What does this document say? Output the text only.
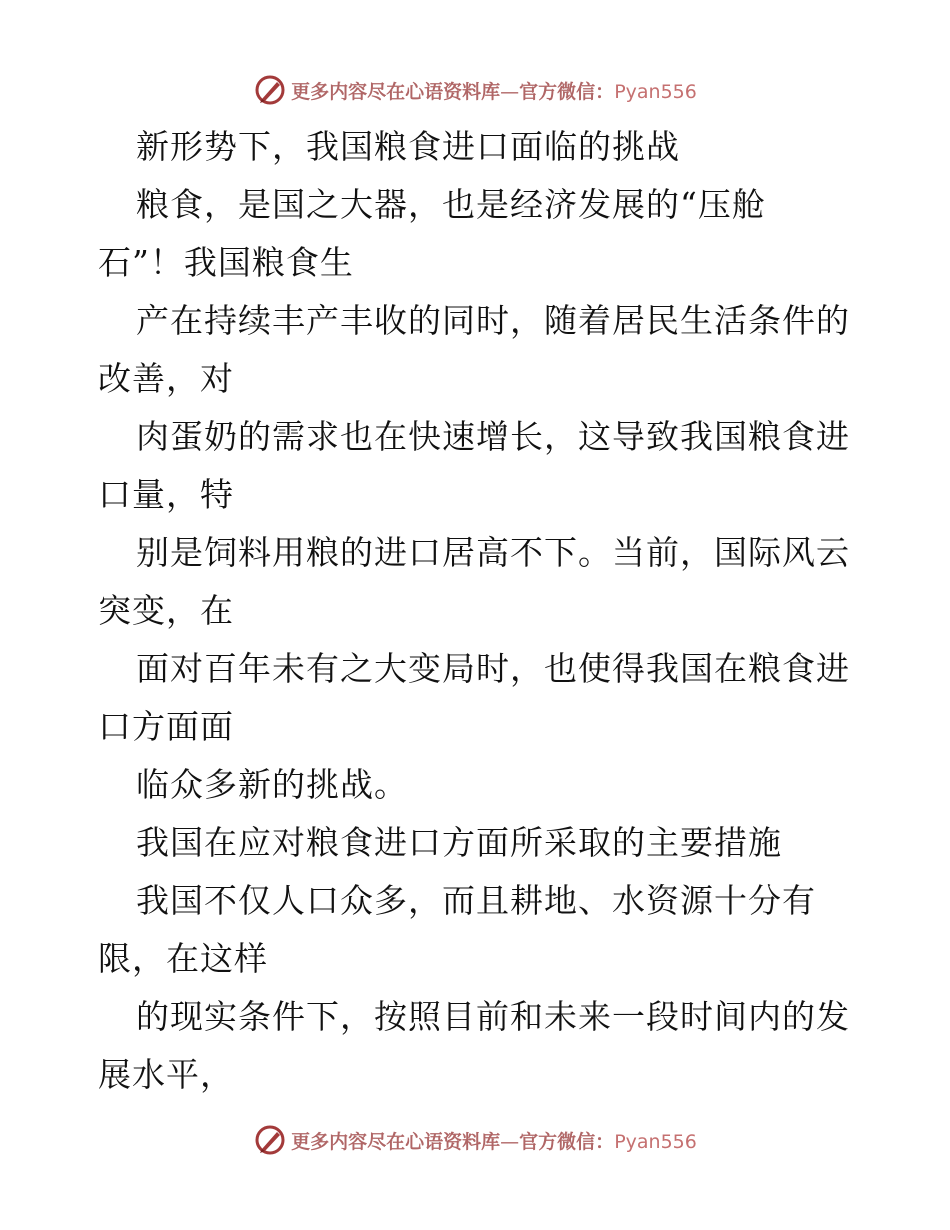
更多内容尽在心语资料库—官方微信：Pyan556
新形势下，我国粮食进口面临的挑战
粮食，是国之大器，也是经济发展的“压舱
石”！我国粮食生
产在持续丰产丰收的同时，随着居民生活条件的
改善，对
肉蛋奶的需求也在快速增长，这导致我国粮食进
口量，特
别是饲料用粮的进口居高不下。当前，国际风云
突变，在
面对百年未有之大变局时，也使得我国在粮食进
口方面面
临众多新的挑战。
我国在应对粮食进口方面所采取的主要措施
我国不仅人口众多，而且耕地、水资源十分有
限，在这样
的现实条件下，按照目前和未来一段时间内的发
展水平，
更多内容尽在心语资料库—官方微信：Pyan556
